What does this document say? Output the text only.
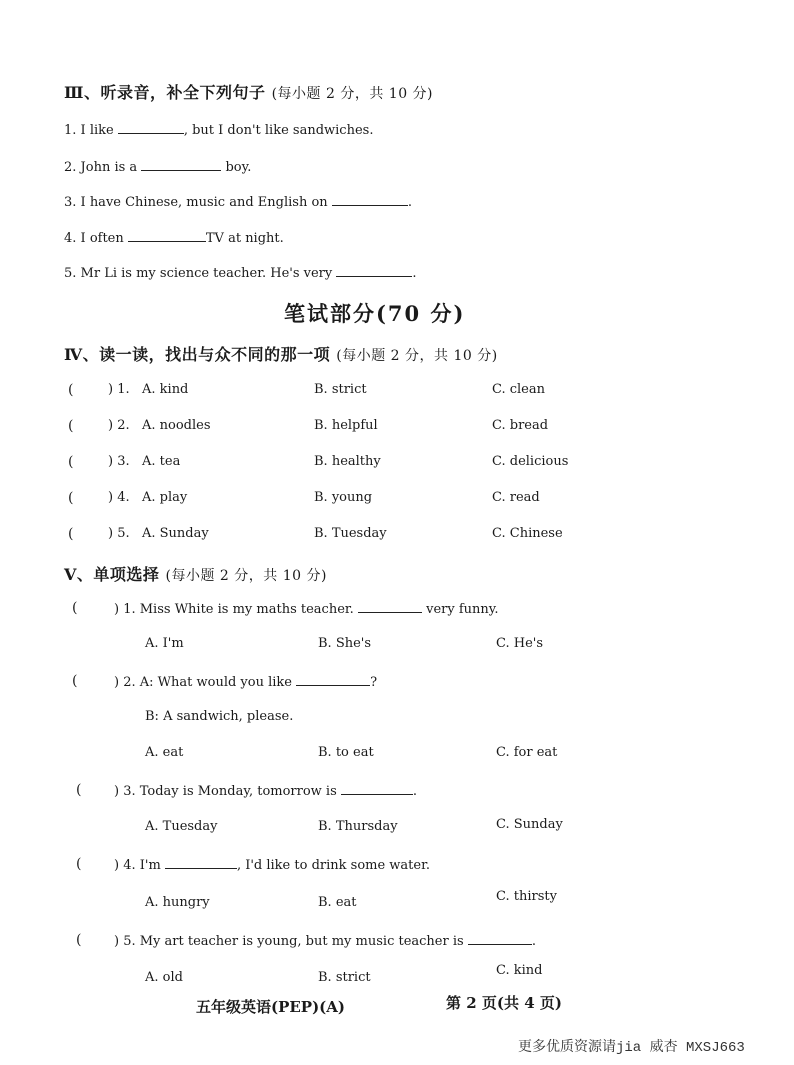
Ⅲ、听录音，补全下列句子 (每小题 2 分，共 10 分)
1. I like	, but I don't like sandwiches.
2. John is a	boy.
3. I have Chinese, music and English on	.
4. I often	TV at night.
5. Mr Li is my science teacher. He's very	.
笔试部分(70 分)
Ⅳ、读一读，找出与众不同的那一项 (每小题 2 分，共 10 分)
(	) 1. A. kind	B. strict	C. clean
(	) 2. A. noodles	B. helpful	C. bread
(	) 3. A. tea	B. healthy	C. delicious
(	) 4. A. play	B. young	C. read
(	) 5. A. Sunday	B. Tuesday	C. Chinese
Ⅴ、单项选择 (每小题 2 分，共 10 分)
(	) 1. Miss White is my maths teacher.	very funny.
A. I'm	B. She's	C. He's
(	) 2. A: What would you like	?
B: A sandwich, please.
A. eat	B. to eat	C. for eat
(	) 3. Today is Monday, tomorrow is	.
A. Tuesday	B. Thursday	C. Sunday
(	) 4. I'm	, I'd like to drink some water.
A. hungry	B. eat	C. thirsty
(	) 5. My art teacher is young, but my music teacher is	.
A. old	B. strict	C. kind
五年级英语(PEP)(A)	第 2 页(共 4 页)
更多优质资源请jia 威杏 MXSJ663
